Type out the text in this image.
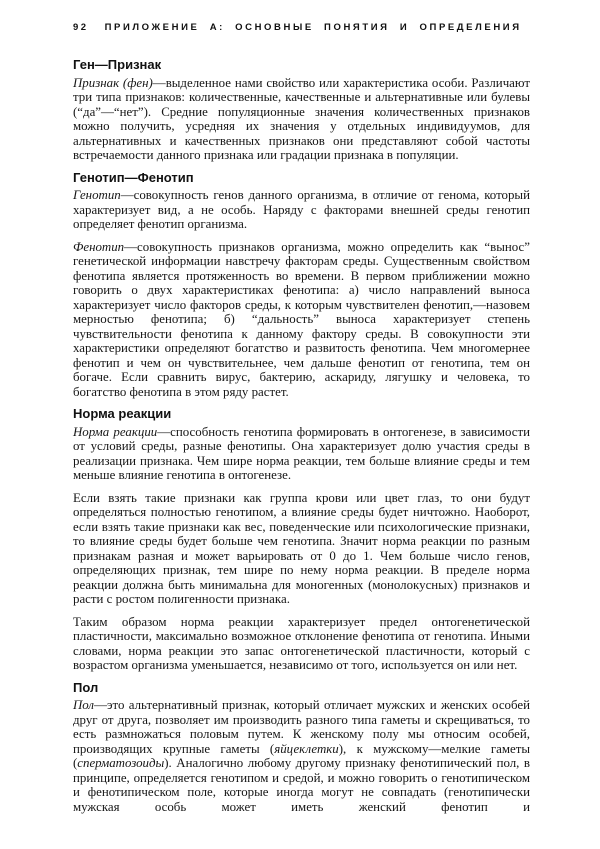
92 ПРИЛОЖЕНИЕ А: ОСНОВНЫЕ ПОНЯТИЯ И ОПРЕДЕЛЕНИЯ
Ген—Признак

Признак (фен)—выделенное нами свойство или характеристика особи. Различают три типа признаков: количественные, качественные и альтернативные или булевы (“да”—“нет”). Средние популяционные значения количественных признаков можно получить, усредняя их значения у отдельных индивидуумов, для альтернативных и качественных признаков они представляют собой частоты встречаемости данного признака или градации признака в популяции.

Генотип—Фенотип

Генотип—совокупность генов данного организма, в отличие от генома, который характеризует вид, а не особь. Наряду с факторами внешней среды генотип определяет фенотип организма.

Фенотип—совокупность признаков организма, можно определить как “вынос” генетической информации навстречу факторам среды. Существенным свойством фенотипа является протяженность во времени. В первом приближении можно говорить о двух характеристиках фенотипа: а) число направлений выноса характеризует число факторов среды, к которым чувствителен фенотип,—назовем мерностью фенотипа; б) “дальность” выноса характеризует степень чувствительности фенотипа к данному фактору среды. В совокупности эти характеристики определяют богатство и развитость фенотипа. Чем многомернее фенотип и чем он чувствительнее, чем дальше фенотип от генотипа, тем он богаче. Если сравнить вирус, бактерию, аскариду, лягушку и человека, то богатство фенотипа в этом ряду растет.

Норма реакции

Норма реакции—способность генотипа формировать в онтогенезе, в зависимости от условий среды, разные фенотипы. Она характеризует долю участия среды в реализации признака. Чем шире норма реакции, тем больше влияние среды и тем меньше влияние генотипа в онтогенезе.

Если взять такие признаки как группа крови или цвет глаз, то они будут определяться полностью генотипом, а влияние среды будет ничтожно. Наоборот, если взять такие признаки как вес, поведенческие или психологические признаки, то влияние среды будет больше чем генотипа. Значит норма реакции по разным признакам разная и может варьировать от 0 до 1. Чем больше число генов, определяющих признак, тем шире по нему норма реакции. В пределе норма реакции должна быть минимальна для моногенных (монолокусных) признаков и расти с ростом полигенности признака.

Таким образом норма реакции характеризует предел онтогенетической пластичности, максимально возможное отклонение фенотипа от генотипа. Иными словами, норма реакции это запас онтогенетической пластичности, который с возрастом организма уменьшается, независимо от того, используется он или нет.

Пол

Пол—это альтернативный признак, который отличает мужских и женских особей друг от друга, позволяет им производить разного типа гаметы и скрещиваться, то есть размножаться половым путем. К женскому полу мы относим особей, производящих крупные гаметы (яйцеклетки), к мужскому—мелкие гаметы (сперматозоиды). Аналогично любому другому признаку фенотипический пол, в принципе, определяется генотипом и средой, и можно говорить о генотипическом и фенотипическом поле, которые иногда могут не совпадать (генотипически мужская особь может иметь женский фенотип и
